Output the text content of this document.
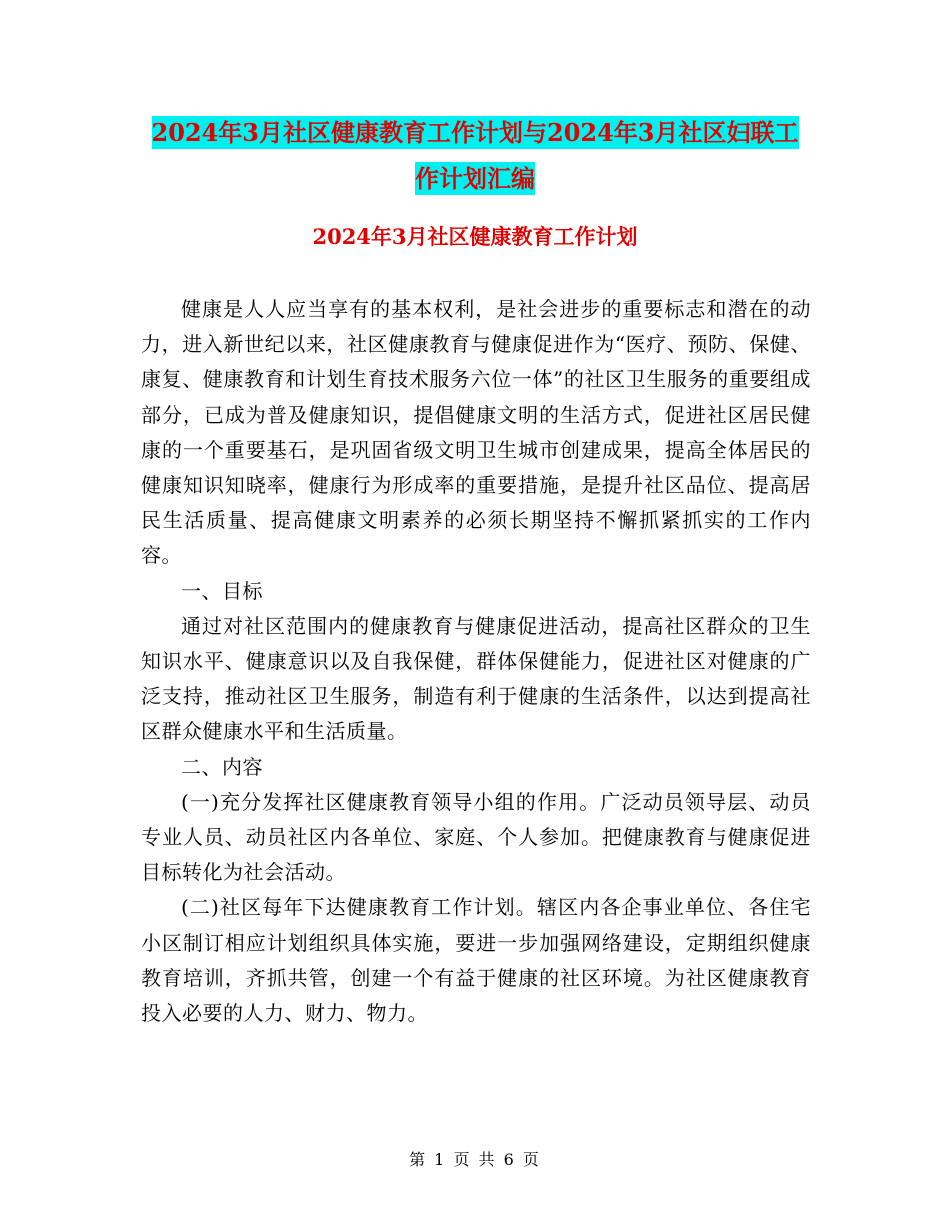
2024年3月社区健康教育工作计划与2024年3月社区妇联工作计划汇编
2024年3月社区健康教育工作计划

健康是人人应当享有的基本权利，是社会进步的重要标志和潜在的动力，进入新世纪以来，社区健康教育与健康促进作为“医疗、预防、保健、康复、健康教育和计划生育技术服务六位一体”的社区卫生服务的重要组成部分，已成为普及健康知识，提倡健康文明的生活方式，促进社区居民健康的一个重要基石，是巩固省级文明卫生城市创建成果，提高全体居民的健康知识知晓率，健康行为形成率的重要措施，是提升社区品位、提高居民生活质量、提高健康文明素养的必须长期坚持不懈抓紧抓实的工作内容。

一、目标

通过对社区范围内的健康教育与健康促进活动，提高社区群众的卫生知识水平、健康意识以及自我保健，群体保健能力，促进社区对健康的广泛支持，推动社区卫生服务，制造有利于健康的生活条件，以达到提高社区群众健康水平和生活质量。

二、内容

(一)充分发挥社区健康教育领导小组的作用。广泛动员领导层、动员专业人员、动员社区内各单位、家庭、个人参加。把健康教育与健康促进目标转化为社会活动。

(二)社区每年下达健康教育工作计划。辖区内各企事业单位、各住宅小区制订相应计划组织具体实施，要进一步加强网络建设，定期组织健康教育培训，齐抓共管，创建一个有益于健康的社区环境。为社区健康教育投入必要的人力、财力、物力。

第 1 页 共 6 页
